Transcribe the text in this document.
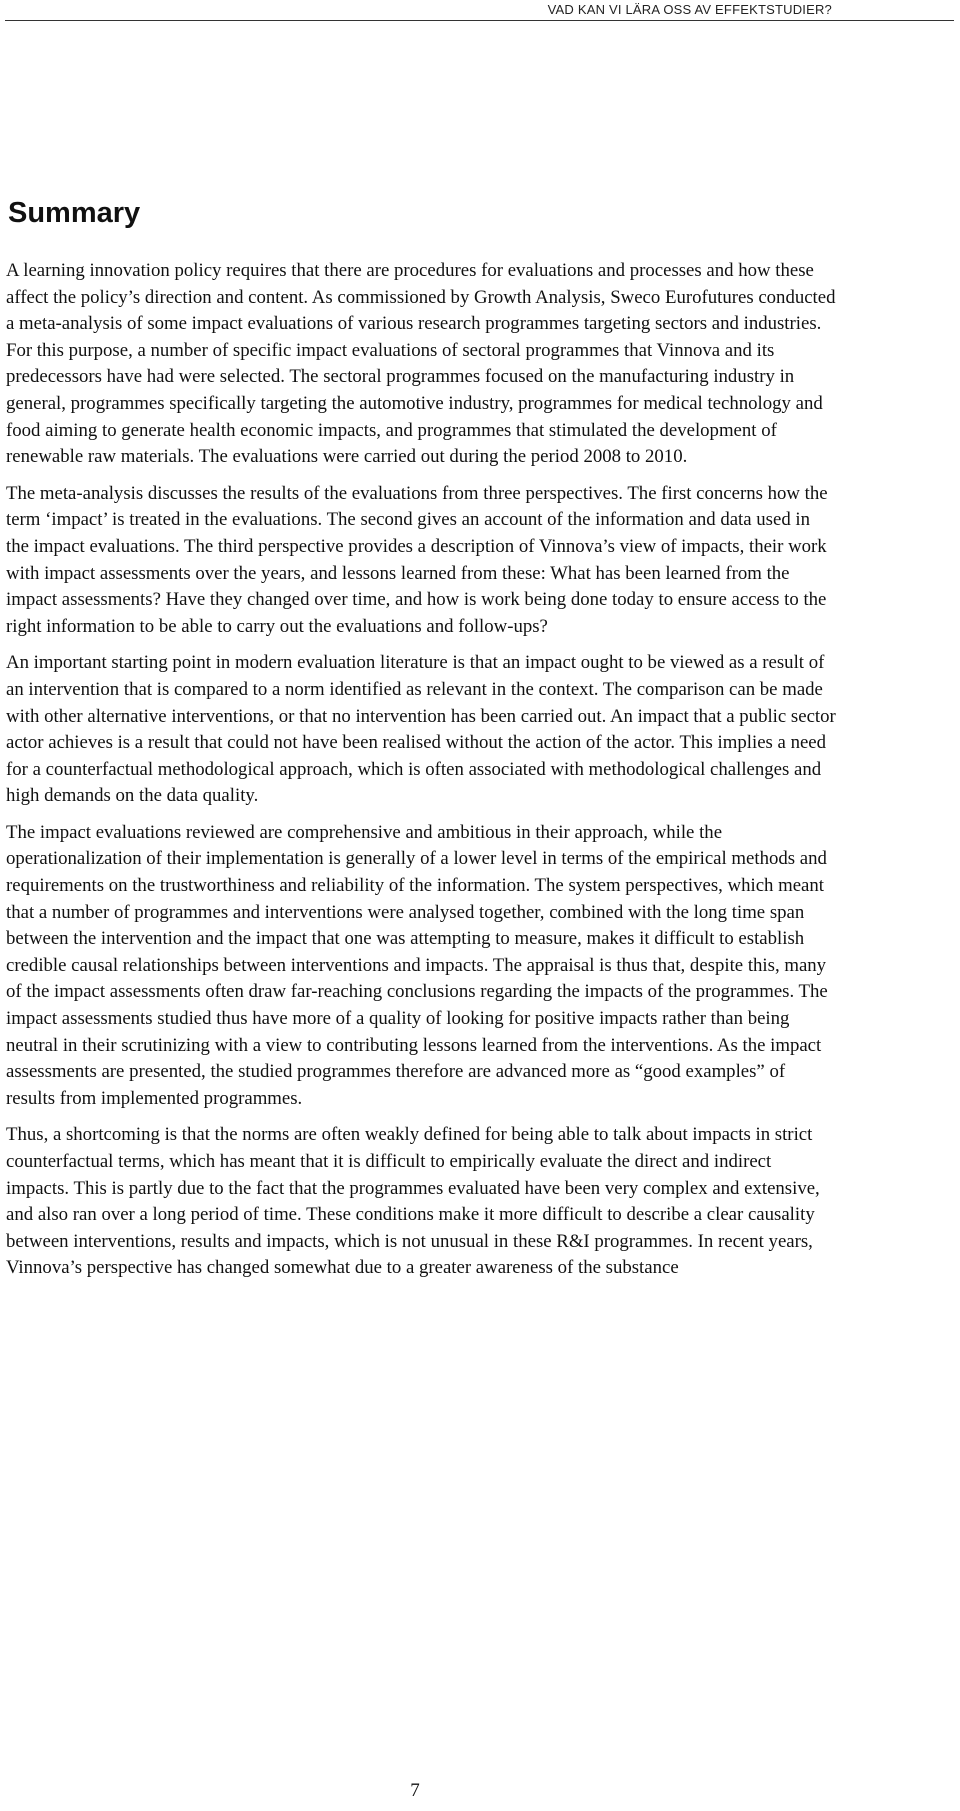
VAD KAN VI LÄRA OSS AV EFFEKTSTUDIER?
Summary

A learning innovation policy requires that there are procedures for evaluations and processes and how these affect the policy’s direction and content. As commissioned by Growth Analysis, Sweco Eurofutures conducted a meta-analysis of some impact evaluations of various research programmes targeting sectors and industries. For this purpose, a number of specific impact evaluations of sectoral programmes that Vinnova and its predecessors have had were selected. The sectoral programmes focused on the manufacturing industry in general, programmes specifically targeting the automotive industry, programmes for medical technology and food aiming to generate health economic impacts, and programmes that stimulated the development of renewable raw materials. The evaluations were carried out during the period 2008 to 2010.

The meta-analysis discusses the results of the evaluations from three perspectives. The first concerns how the term ‘impact’ is treated in the evaluations. The second gives an account of the information and data used in the impact evaluations. The third perspective provides a description of Vinnova’s view of impacts, their work with impact assessments over the years, and lessons learned from these: What has been learned from the impact assessments? Have they changed over time, and how is work being done today to ensure access to the right information to be able to carry out the evaluations and follow-ups?

An important starting point in modern evaluation literature is that an impact ought to be viewed as a result of an intervention that is compared to a norm identified as relevant in the context. The comparison can be made with other alternative interventions, or that no intervention has been carried out. An impact that a public sector actor achieves is a result that could not have been realised without the action of the actor. This implies a need for a counterfactual methodological approach, which is often associated with methodological challenges and high demands on the data quality.

The impact evaluations reviewed are comprehensive and ambitious in their approach, while the operationalization of their implementation is generally of a lower level in terms of the empirical methods and requirements on the trustworthiness and reliability of the information. The system perspectives, which meant that a number of programmes and interventions were analysed together, combined with the long time span between the intervention and the impact that one was attempting to measure, makes it difficult to establish credible causal relationships between interventions and impacts. The appraisal is thus that, despite this, many of the impact assessments often draw far-reaching conclusions regarding the impacts of the programmes. The impact assessments studied thus have more of a quality of looking for positive impacts rather than being neutral in their scrutinizing with a view to contributing lessons learned from the interventions. As the impact assessments are presented, the studied programmes therefore are advanced more as “good examples” of results from implemented programmes.

Thus, a shortcoming is that the norms are often weakly defined for being able to talk about impacts in strict counterfactual terms, which has meant that it is difficult to empirically evaluate the direct and indirect impacts. This is partly due to the fact that the programmes evaluated have been very complex and extensive, and also ran over a long period of time. These conditions make it more difficult to describe a clear causality between interventions, results and impacts, which is not unusual in these R&I programmes. In recent years, Vinnova’s perspective has changed somewhat due to a greater awareness of the substance

7
